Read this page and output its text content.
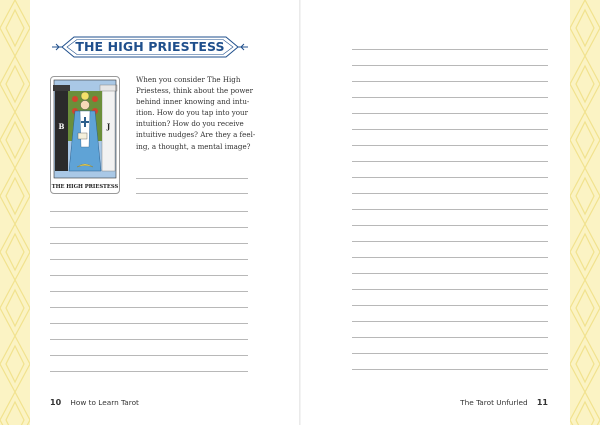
THE HIGH PRIESTESS
B	J
THE HIGH PRIESTESS
When you consider The High
Priestess, think about the power
behind inner knowing and intu-
ition. How do you tap into your
intuition? How do you receive
intuitive nudges? Are they a feel-
ing, a thought, a mental image?
10 How to Learn Tarot	The Tarot Unfurled 11
